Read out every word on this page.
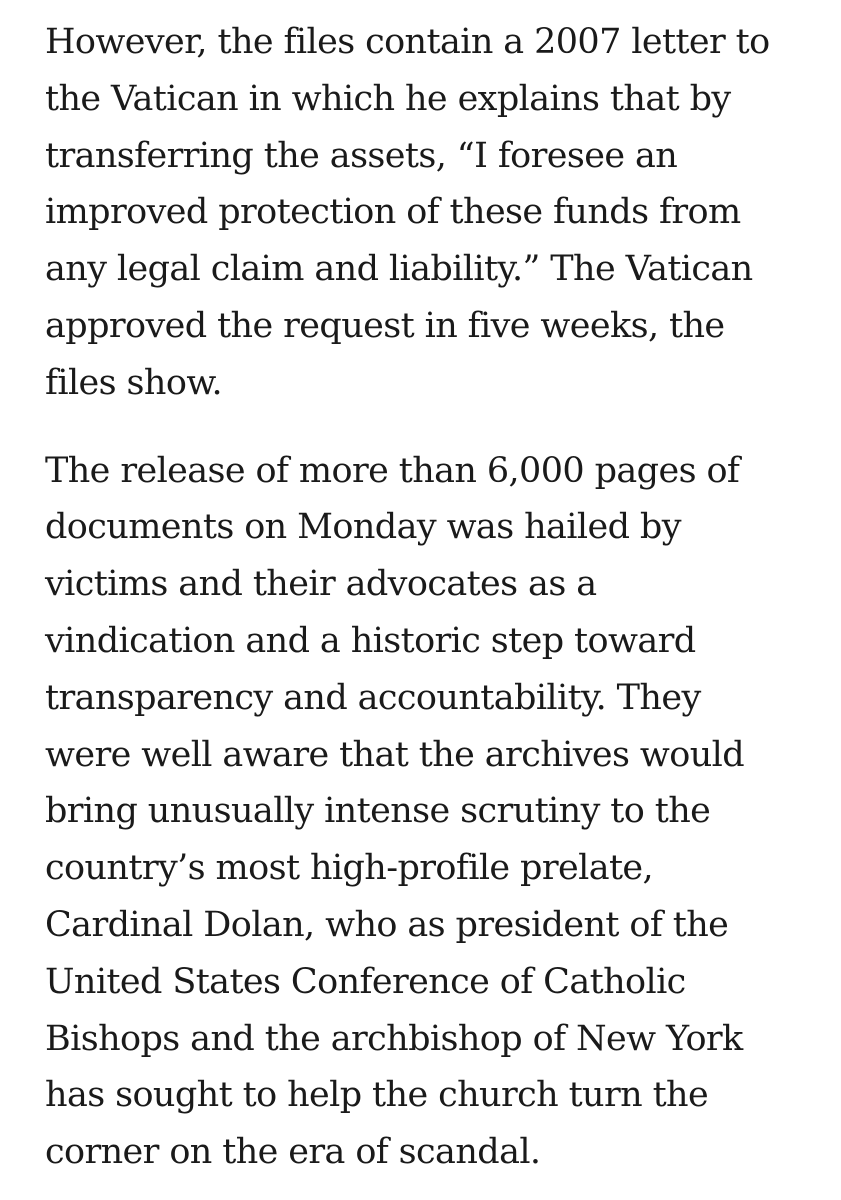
However, the files contain a 2007 letter to
the Vatican in which he explains that by
transferring the assets, “I foresee an
improved protection of these funds from
any legal claim and liability.” The Vatican
approved the request in five weeks, the
files show.

The release of more than 6,000 pages of
documents on Monday was hailed by
victims and their advocates as a
vindication and a historic step toward
transparency and accountability. They
were well aware that the archives would
bring unusually intense scrutiny to the
country’s most high-profile prelate,
Cardinal Dolan, who as president of the
United States Conference of Catholic
Bishops and the archbishop of New York
has sought to help the church turn the
corner on the era of scandal.
